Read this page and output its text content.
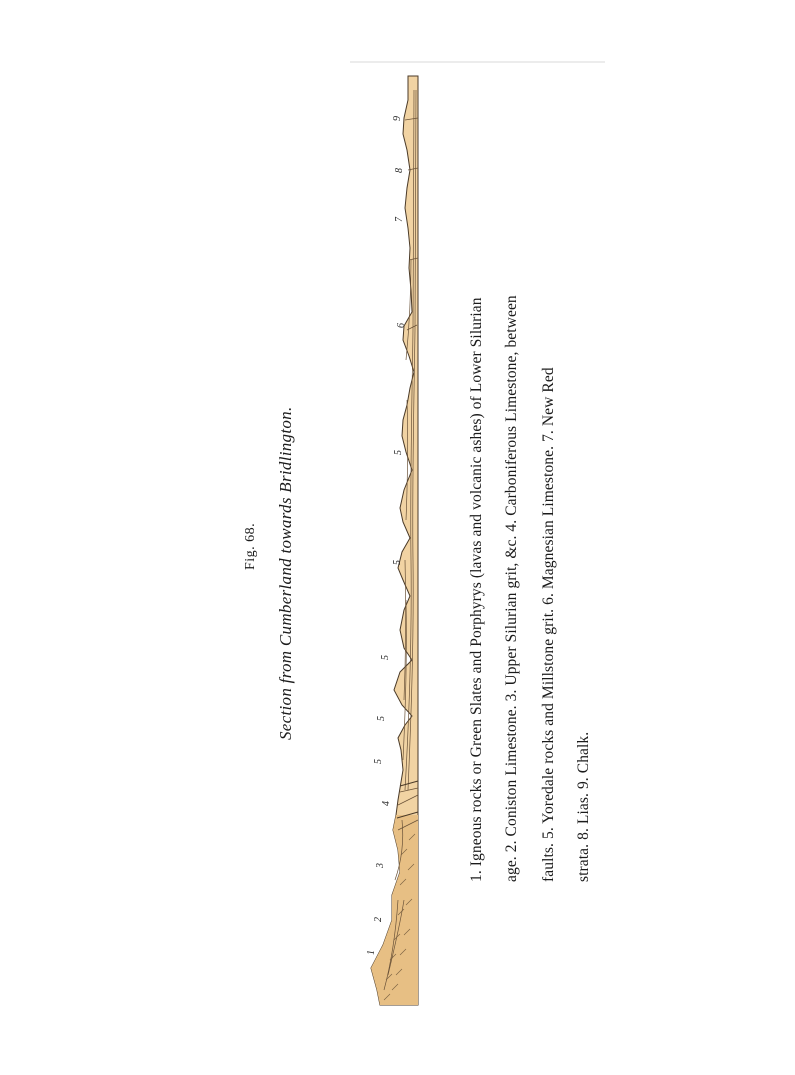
1
2
3
4
5
5
5
5
5
6
7
8
9
Fig. 68. Section from Cumberland towards Bridlington.	1. Igneous rocks or Green Slates and Porphyrys (lavas and volcanic ashes) of Lower Silurian age. 2. Coniston Limestone. 3. Upper Silurian grit, &c. 4. Carboniferous Limestone, between faults. 5. Yoredale rocks and Millstone grit. 6. Magnesian Limestone. 7. New Red strata. 8. Lias. 9. Chalk.
